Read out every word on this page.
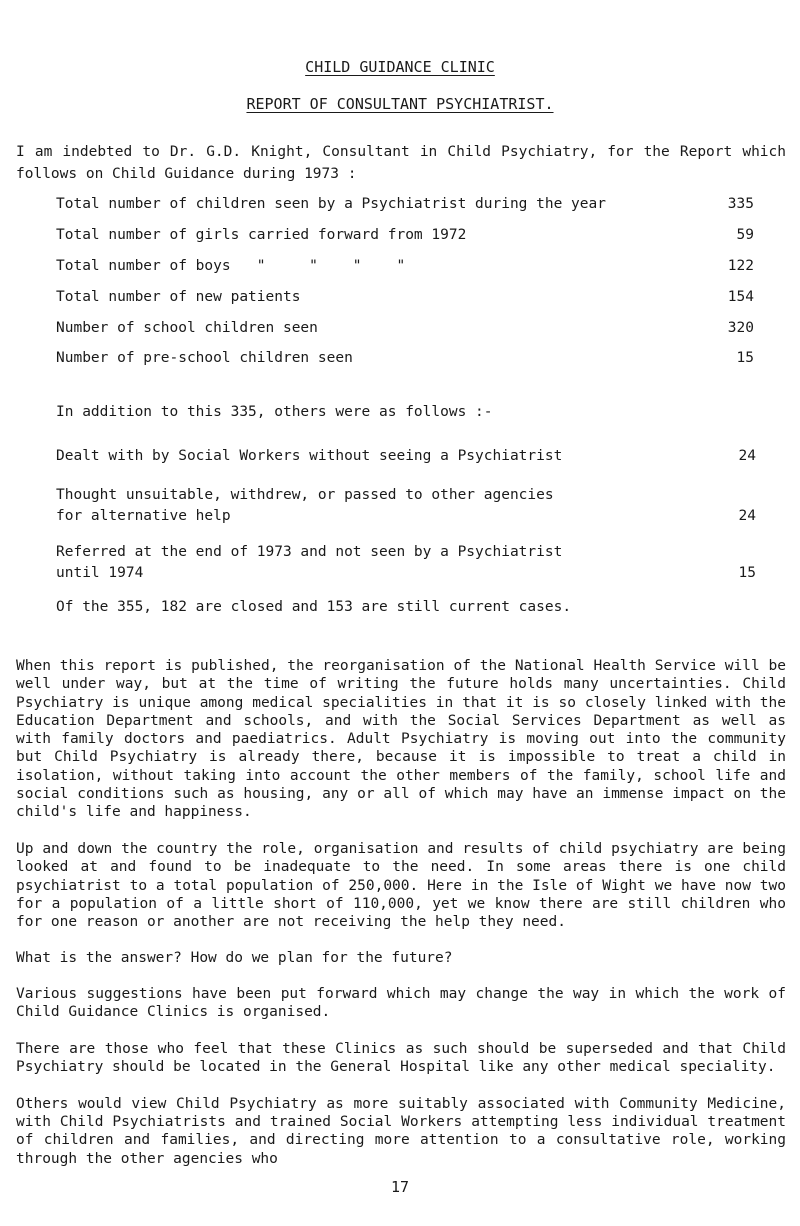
CHILD GUIDANCE CLINIC
REPORT OF CONSULTANT PSYCHIATRIST.

I am indebted to Dr. G.D. Knight, Consultant in Child Psychiatry, for the Report which follows on Child Guidance during 1973 :

Total number of children seen by a Psychiatrist during the year	335
Total number of girls carried forward from 1972	59
Total number of boys   "     "    "    "	122
Total number of new patients	154
Number of school children seen	320
Number of pre-school children seen	15
In addition to this 335, others were as follows :-
Dealt with by Social Workers without seeing a Psychiatrist	24
Thought unsuitable, withdrew, or passed to other agencies
for alternative help	24
Referred at the end of 1973 and not seen by a Psychiatrist
until 1974	15
Of the 355, 182 are closed and 153 are still current cases.

When this report is published, the reorganisation of the National Health Service will be well under way, but at the time of writing the future holds many uncertainties. Child Psychiatry is unique among medical specialities in that it is so closely linked with the Education Department and schools, and with the Social Services Department as well as with family doctors and paediatrics. Adult Psychiatry is moving out into the community but Child Psychiatry is already there, because it is impossible to treat a child in isolation, without taking into account the other members of the family, school life and social conditions such as housing, any or all of which may have an immense impact on the child's life and happiness.

Up and down the country the role, organisation and results of child psychiatry are being looked at and found to be inadequate to the need. In some areas there is one child psychiatrist to a total population of 250,000. Here in the Isle of Wight we have now two for a population of a little short of 110,000, yet we know there are still children who for one reason or another are not receiving the help they need.

What is the answer? How do we plan for the future?

Various suggestions have been put forward which may change the way in which the work of Child Guidance Clinics is organised.

There are those who feel that these Clinics as such should be superseded and that Child Psychiatry should be located in the General Hospital like any other medical speciality.

Others would view Child Psychiatry as more suitably associated with Community Medicine, with Child Psychiatrists and trained Social Workers attempting less individual treatment of children and families, and directing more attention to a consultative role, working through the other agencies who

17
